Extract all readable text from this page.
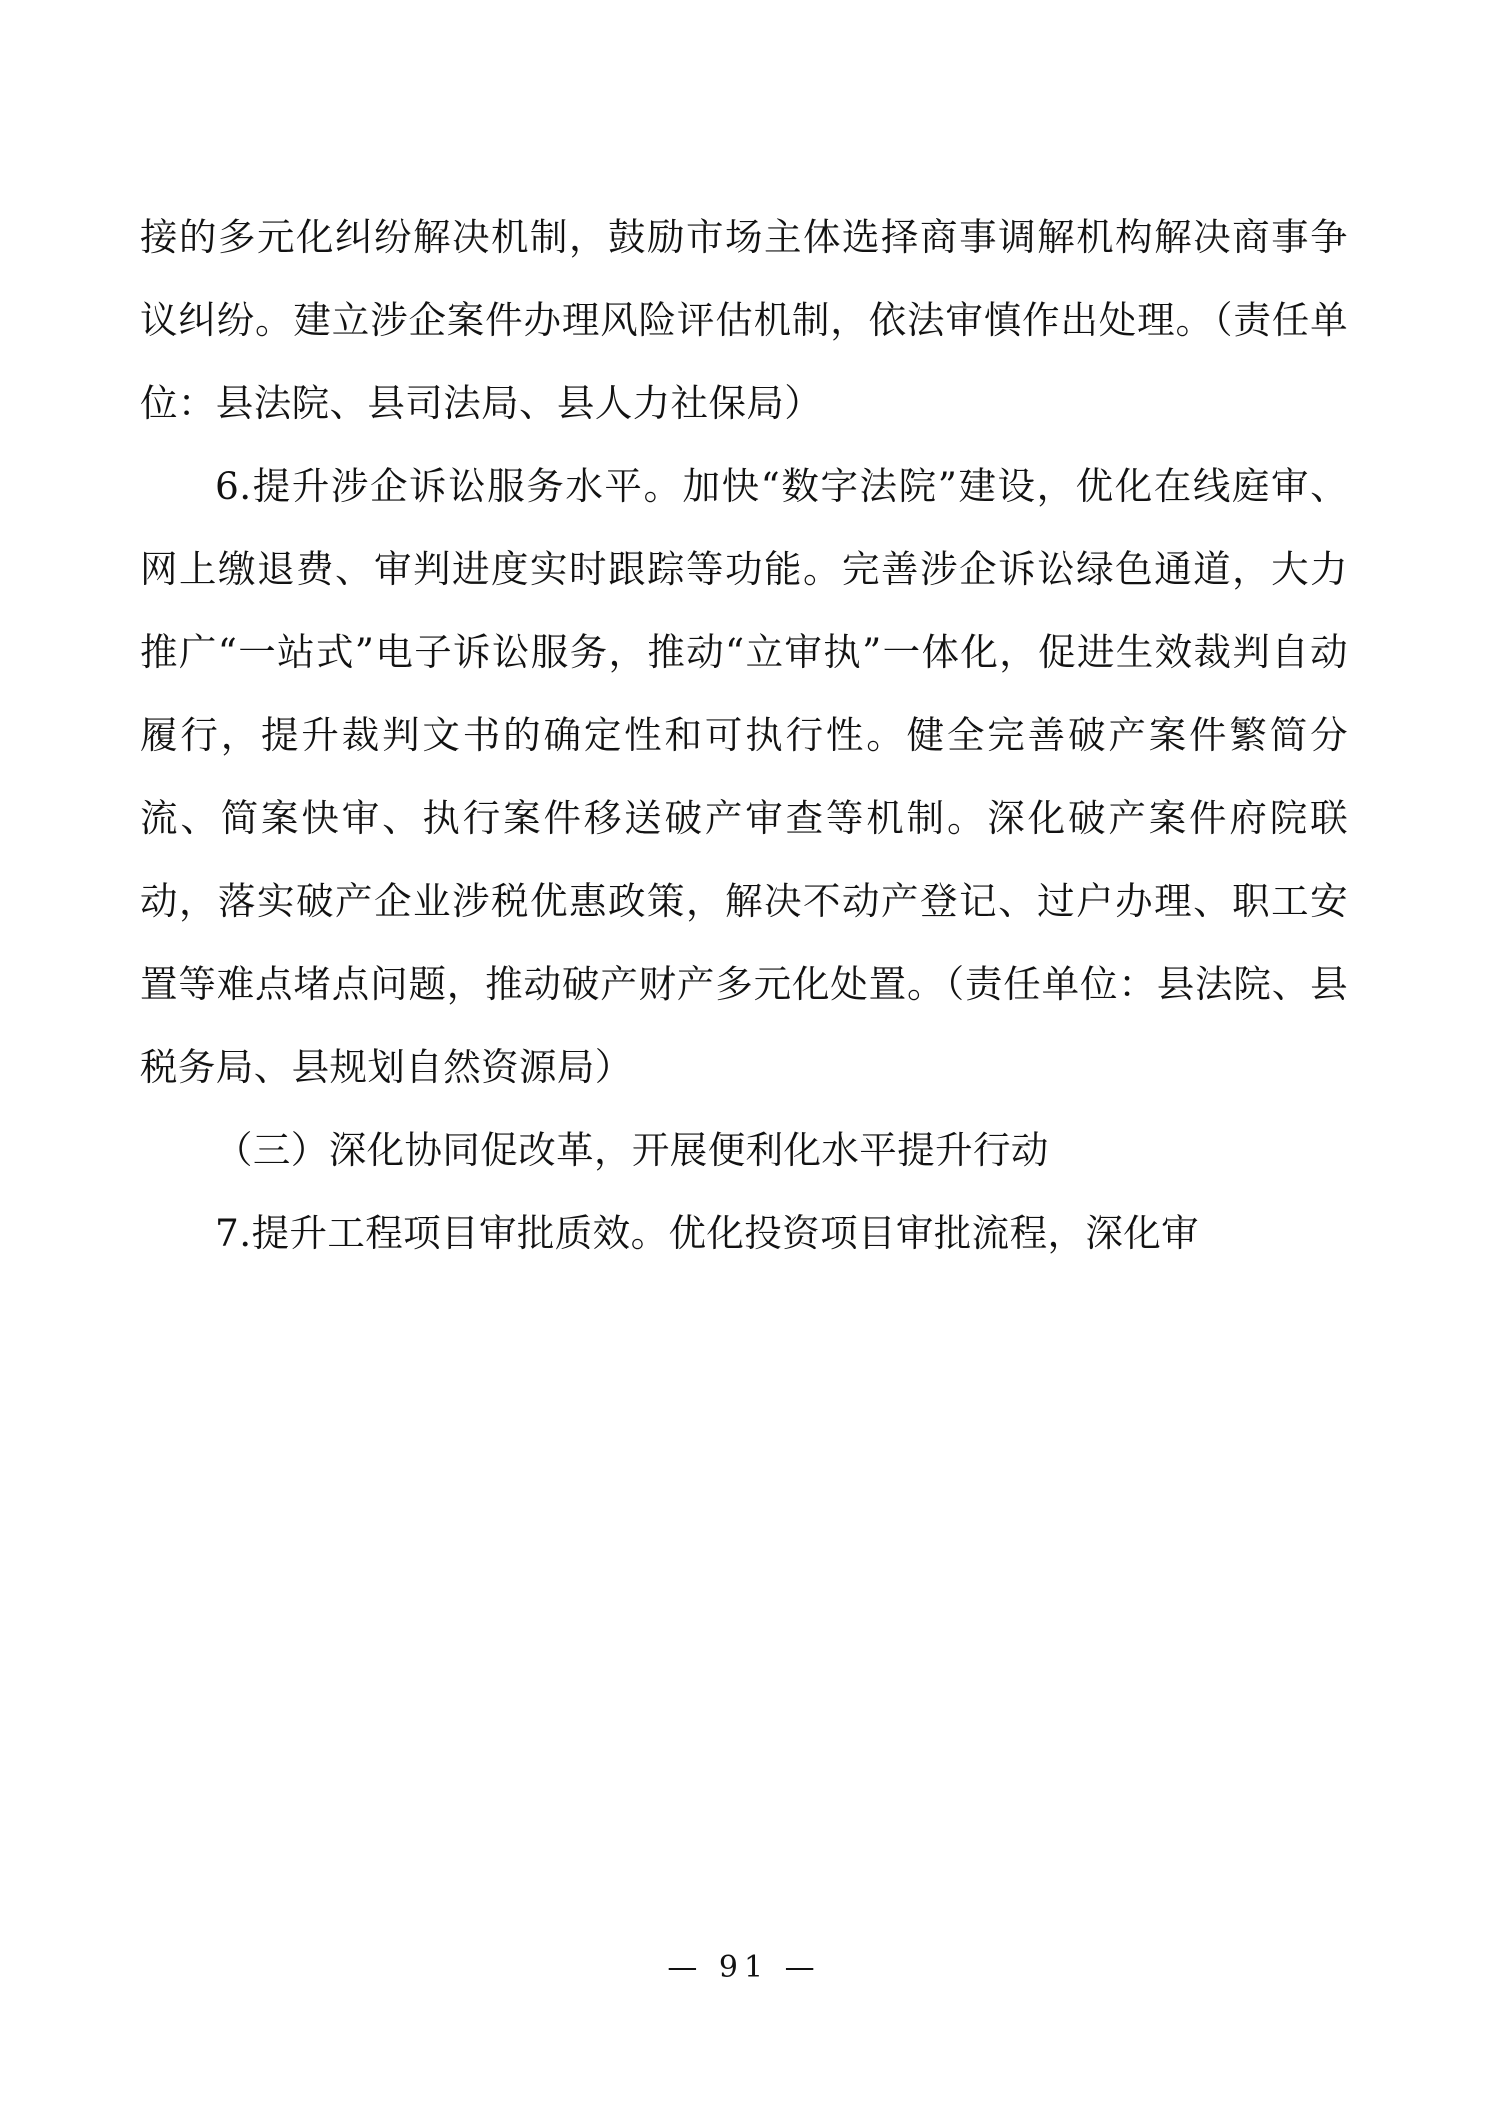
接的多元化纠纷解决机制，鼓励市场主体选择商事调解机构解决商事争议纠纷。建立涉企案件办理风险评估机制，依法审慎作出处理。（责任单位：县法院、县司法局、县人力社保局）

6.提升涉企诉讼服务水平。加快“数字法院”建设，优化在线庭审、网上缴退费、审判进度实时跟踪等功能。完善涉企诉讼绿色通道，大力推广“一站式”电子诉讼服务，推动“立审执”一体化，促进生效裁判自动履行，提升裁判文书的确定性和可执行性。健全完善破产案件繁简分流、简案快审、执行案件移送破产审查等机制。深化破产案件府院联动，落实破产企业涉税优惠政策，解决不动产登记、过户办理、职工安置等难点堵点问题，推动破产财产多元化处置。（责任单位：县法院、县税务局、县规划自然资源局）

（三）深化协同促改革，开展便利化水平提升行动

7.提升工程项目审批质效。优化投资项目审批流程，深化审

— 91 —
